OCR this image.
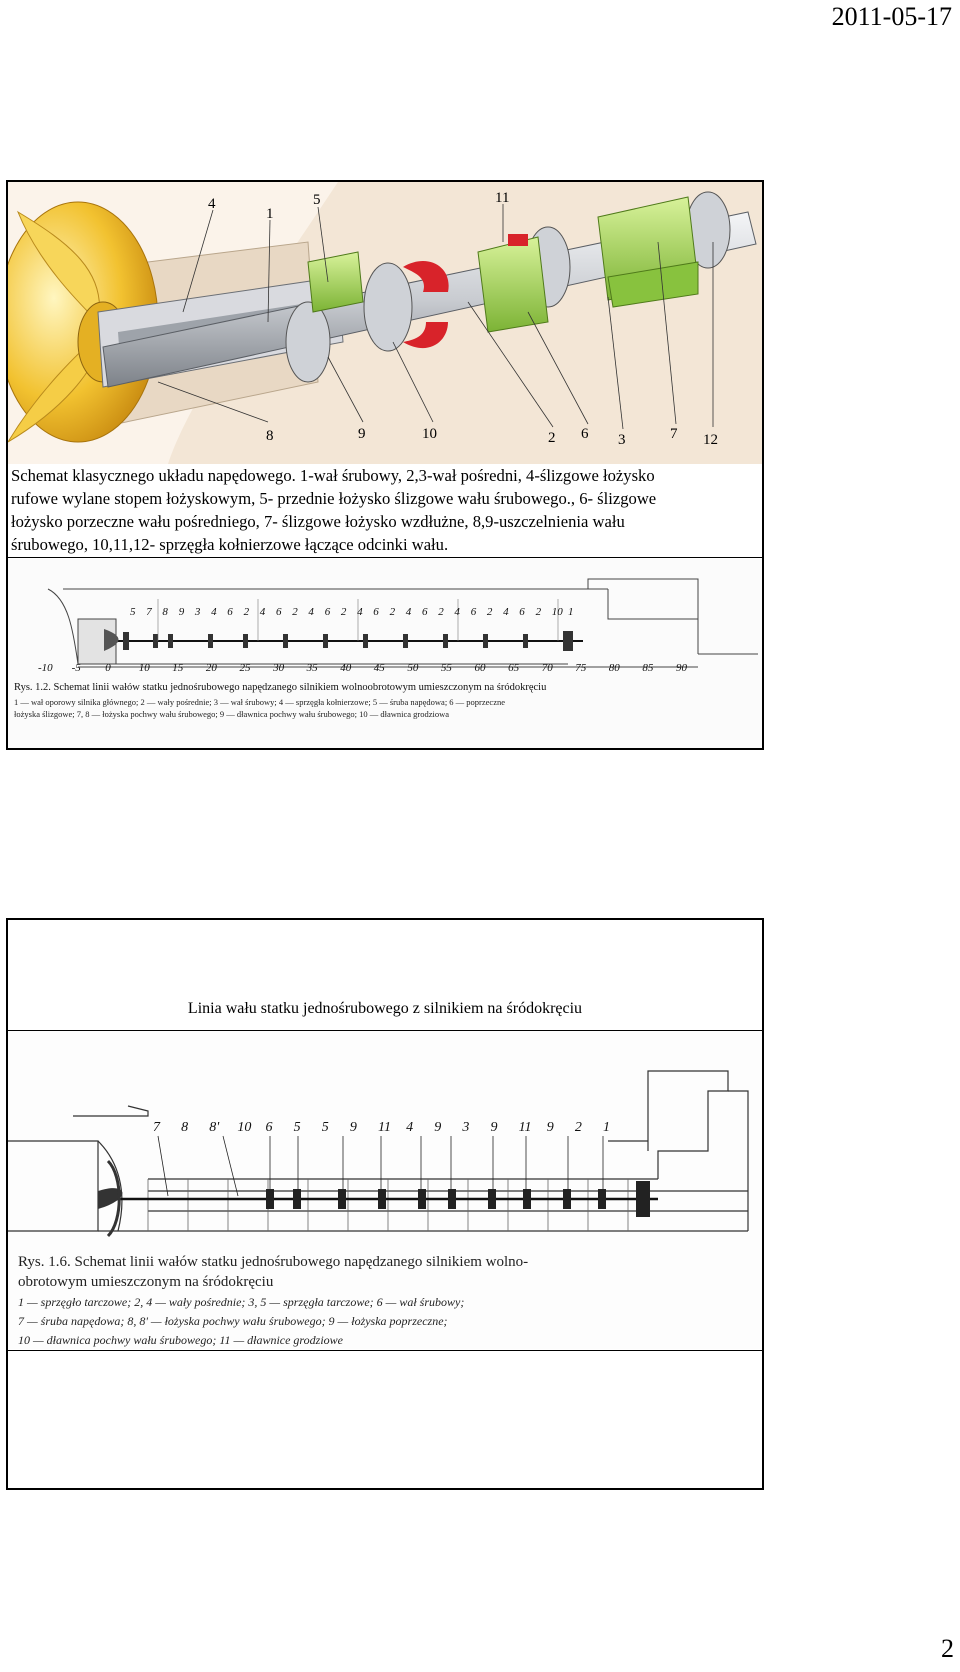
2011-05-17
4
1
5	11
8	9	10	2 6 3	7 12
Schemat klasycznego układu napędowego. 1-wał śrubowy, 2,3-wał pośredni, 4-ślizgowe łożysko
rufowe wylane stopem łożyskowym, 5- przednie łożysko ślizgowe wału śrubowego., 6- ślizgowe
łożysko porzeczne wału pośredniego, 7- ślizgowe łożysko wzdłużne, 8,9-uszczelnienia wału
śrubowego, 10,11,12- sprzęgła kołnierzowe łączące odcinki wału.
5 7 8 9 3 4 6 2 4 6 2 4 6 2 4 6 2 4 6 2 4 6 2 4 6 2 10 1
-10 -5 0	10 15 20 25 30 35 40 45 50 55 60 65 70 75 80 85 90
Rys. 1.2. Schemat linii wałów statku jednośrubowego napędzanego silnikiem wolnoobrotowym umieszczonym na śródokręciu
1 — wał oporowy silnika głównego; 2 — wały pośrednie; 3 — wał śrubowy; 4 — sprzęgła kołnierzowe; 5 — śruba napędowa; 6 — poprzeczne
łożyska ślizgowe; 7, 8 — łożyska pochwy wału śrubowego; 9 — dławnica pochwy wału śrubowego; 10 — dławnica grodziowa
Linia wału statku jednośrubowego z silnikiem na śródokręciu
7 8 8' 10 6 5 5 9 11 4 9 3 9 11 9 2 1
Rys. 1.6. Schemat linii wałów statku jednośrubowego napędzanego silnikiem wolno-
obrotowym umieszczonym na śródokręciu
1 — sprzęgło tarczowe; 2, 4 — wały pośrednie; 3, 5 — sprzęgła tarczowe; 6 — wał śrubowy;
7 — śruba napędowa; 8, 8' — łożyska pochwy wału śrubowego; 9 — łożyska poprzeczne;
10 — dławnica pochwy wału śrubowego; 11 — dławnice grodziowe
2
